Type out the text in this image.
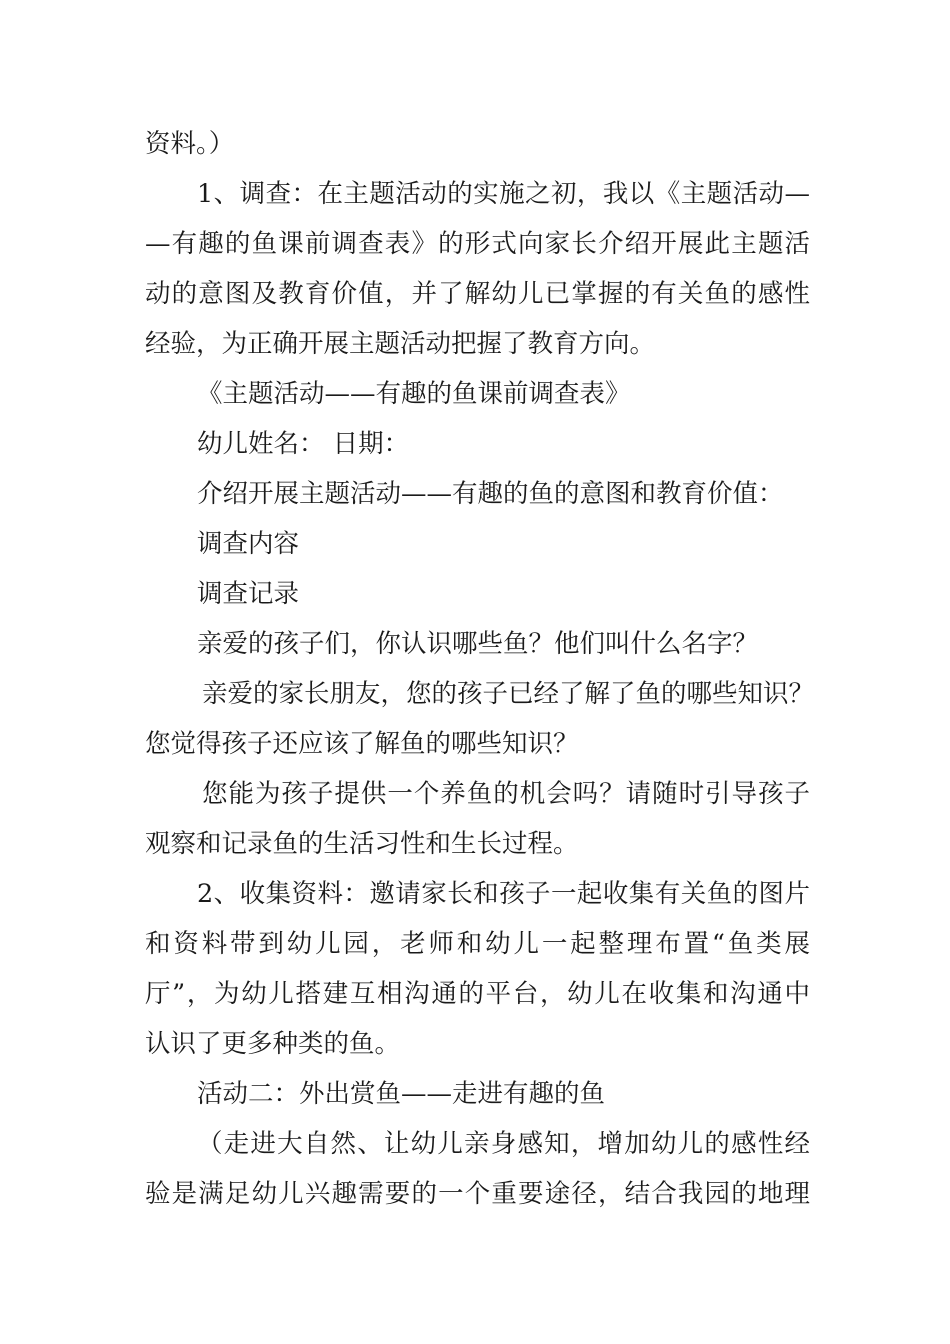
资料。）
1、调查：在主题活动的实施之初，我以《主题活动—
—有趣的鱼课前调查表》的形式向家长介绍开展此主题活
动的意图及教育价值，并了解幼儿已掌握的有关鱼的感性
经验，为正确开展主题活动把握了教育方向。
《主题活动——有趣的鱼课前调查表》
幼儿姓名： 日期：
介绍开展主题活动——有趣的鱼的意图和教育价值：
调查内容
调查记录
亲爱的孩子们，你认识哪些鱼？他们叫什么名字？
亲爱的家长朋友，您的孩子已经了解了鱼的哪些知识？
您觉得孩子还应该了解鱼的哪些知识？
您能为孩子提供一个养鱼的机会吗？请随时引导孩子
观察和记录鱼的生活习性和生长过程。
2、收集资料：邀请家长和孩子一起收集有关鱼的图片
和资料带到幼儿园，老师和幼儿一起整理布置“鱼类展
厅”，为幼儿搭建互相沟通的平台，幼儿在收集和沟通中
认识了更多种类的鱼。
活动二：外出赏鱼——走进有趣的鱼
（走进大自然、让幼儿亲身感知，增加幼儿的感性经
验是满足幼儿兴趣需要的一个重要途径，结合我园的地理
